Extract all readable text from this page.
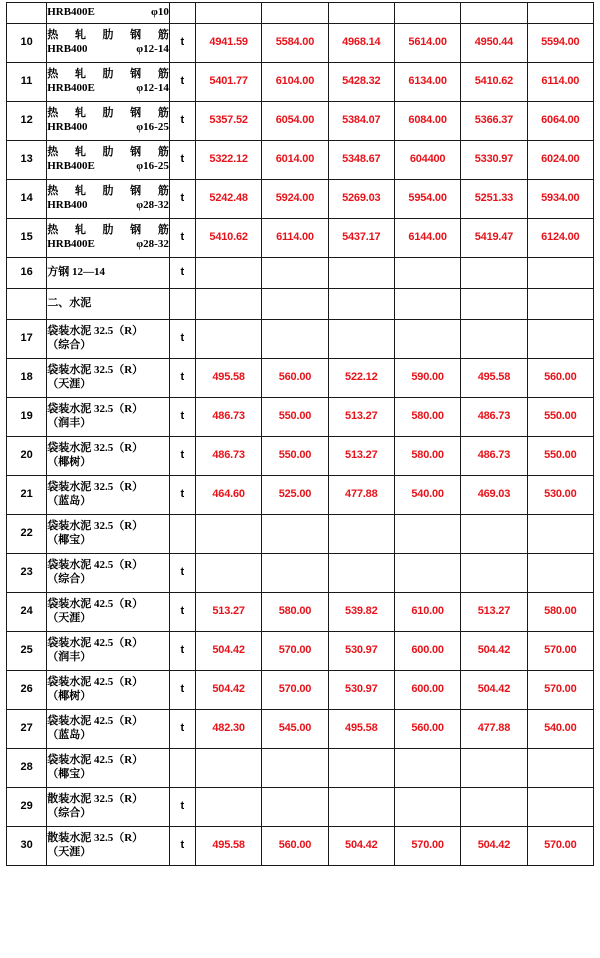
	HRB400E φ10							

10	热 轧 肋 钢 筋
HRB400 φ12-14	t	4941.59	5584.00	4968.14	5614.00	4950.44	5594.00
11	热 轧 肋 钢 筋
HRB400E φ12-14	t	5401.77	6104.00	5428.32	6134.00	5410.62	6114.00
12	热 轧 肋 钢 筋
HRB400 φ16-25	t	5357.52	6054.00	5384.07	6084.00	5366.37	6064.00
13	热 轧 肋 钢 筋
HRB400E φ16-25	t	5322.12	6014.00	5348.67	604400	5330.97	6024.00
14	热 轧 肋 钢 筋
HRB400 φ28-32	t	5242.48	5924.00	5269.03	5954.00	5251.33	5934.00
15	热 轧 肋 钢 筋
HRB400E φ28-32	t	5410.62	6114.00	5437.17	6144.00	5419.47	6124.00
16	方钢 12—14	t						
	二、水泥							
17	袋装水泥 32.5（R）
（综合）	t						
18	袋装水泥 32.5（R）
（天涯）	t	495.58	560.00	522.12	590.00	495.58	560.00
19	袋装水泥 32.5（R）
（润丰）	t	486.73	550.00	513.27	580.00	486.73	550.00
20	袋装水泥 32.5（R）
（椰树）	t	486.73	550.00	513.27	580.00	486.73	550.00
21	袋装水泥 32.5（R）
（蓝岛）	t	464.60	525.00	477.88	540.00	469.03	530.00
22	袋装水泥 32.5（R）
（椰宝）							

23	袋装水泥 42.5（R）
（综合）	t						
24	袋装水泥 42.5（R）
（天涯）	t	513.27	580.00	539.82	610.00	513.27	580.00
25	袋装水泥 42.5（R）
（润丰）	t	504.42	570.00	530.97	600.00	504.42	570.00
26	袋装水泥 42.5（R）
（椰树）	t	504.42	570.00	530.97	600.00	504.42	570.00
27	袋装水泥 42.5（R）
（蓝岛）	t	482.30	545.00	495.58	560.00	477.88	540.00
28	袋装水泥 42.5（R）
（椰宝）							

29	散装水泥 32.5（R）
（综合）	t						
30	散装水泥 32.5（R）
（天涯）	t	495.58	560.00	504.42	570.00	504.42	570.00
